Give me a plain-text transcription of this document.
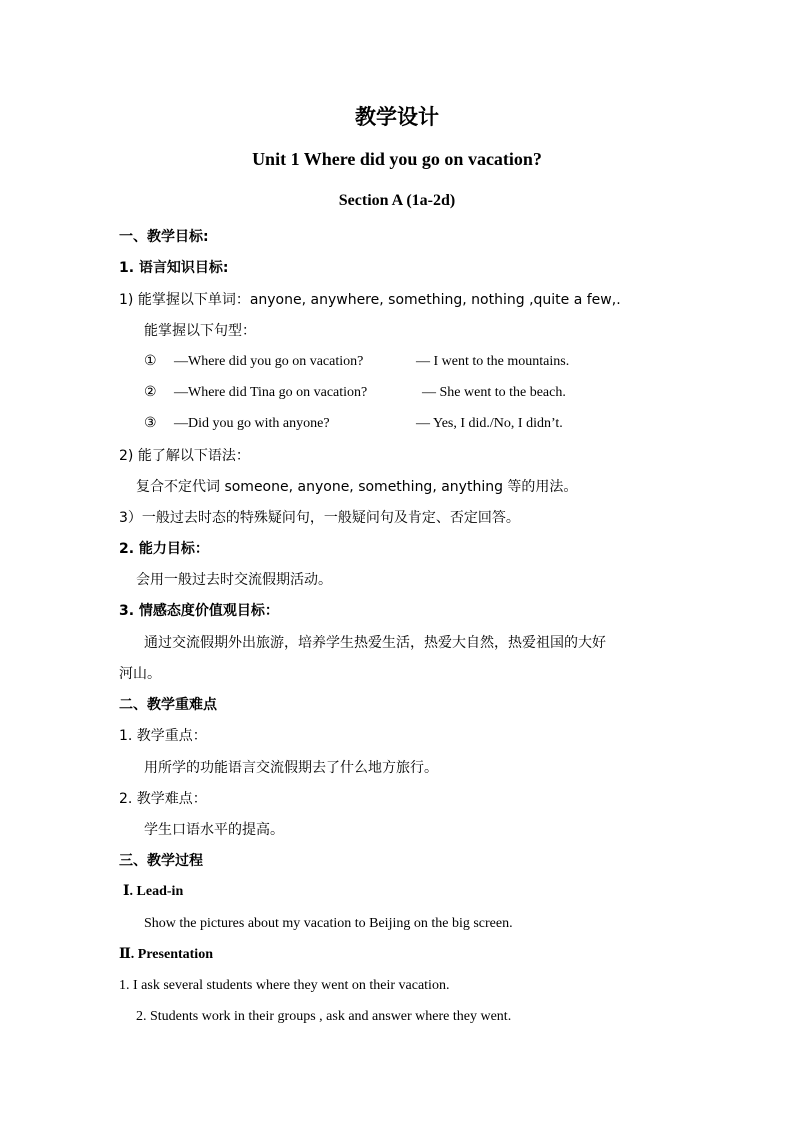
教学设计
Unit 1 Where did you go on vacation?
Section A (1a-2d)
一、教学目标:
1. 语言知识目标:
1) 能掌握以下单词：anyone, anywhere, something, nothing ,quite a few,.
能掌握以下句型：
① —Where did you go on vacation?	— I went to the mountains.
② —Where did Tina go on vacation?	— She went to the beach.
③ —Did you go with anyone?	— Yes, I did./No, I didn’t.
2) 能了解以下语法：
复合不定代词 someone, anyone, something, anything 等的用法。
3）一般过去时态的特殊疑问句，一般疑问句及肯定、否定回答。
2. 能力目标：
会用一般过去时交流假期活动。
3. 情感态度价值观目标：
通过交流假期外出旅游，培养学生热爱生活，热爱大自然，热爱祖国的大好
河山。
二、教学重难点
1. 教学重点：
用所学的功能语言交流假期去了什么地方旅行。
2. 教学难点：
学生口语水平的提高。
三、教学过程
Ⅰ. Lead-in
Show the pictures about my vacation to Beijing on the big screen.
Ⅱ. Presentation
1. I ask several students where they went on their vacation.
2. Students work in their groups , ask and answer where they went.
